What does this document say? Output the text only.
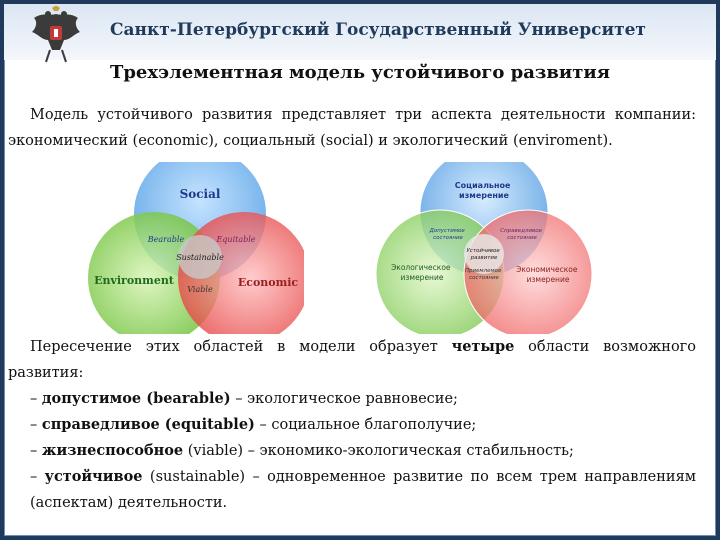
Санкт-Петербургский Государственный Университет
Трехэлементная модель устойчивого развития
Модель устойчивого развития представляет три аспекта деятельности компании: экономический (economic), социальный (social) и экологический (enviroment).
Social
Bearable	Equitable
Sustainable
Environment	Economic
Viable
Социальное измерение
Допустимое состояние
Справедливое состояние
Устойчивое развитие
Экологическое измерение
Приемлемое состояние
Экономическое измерение

Пересечение этих областей в модели образует четыре области возможного развития:

– допустимое (bearable) – экологическое равновесие;

– справедливое (equitable) – социальное благополучие;

– жизнеспособное (viable) – экономико-экологическая стабильность;

– устойчивое (sustainable) – одновременное развитие по всем трем направлениям (аспектам) деятельности.
